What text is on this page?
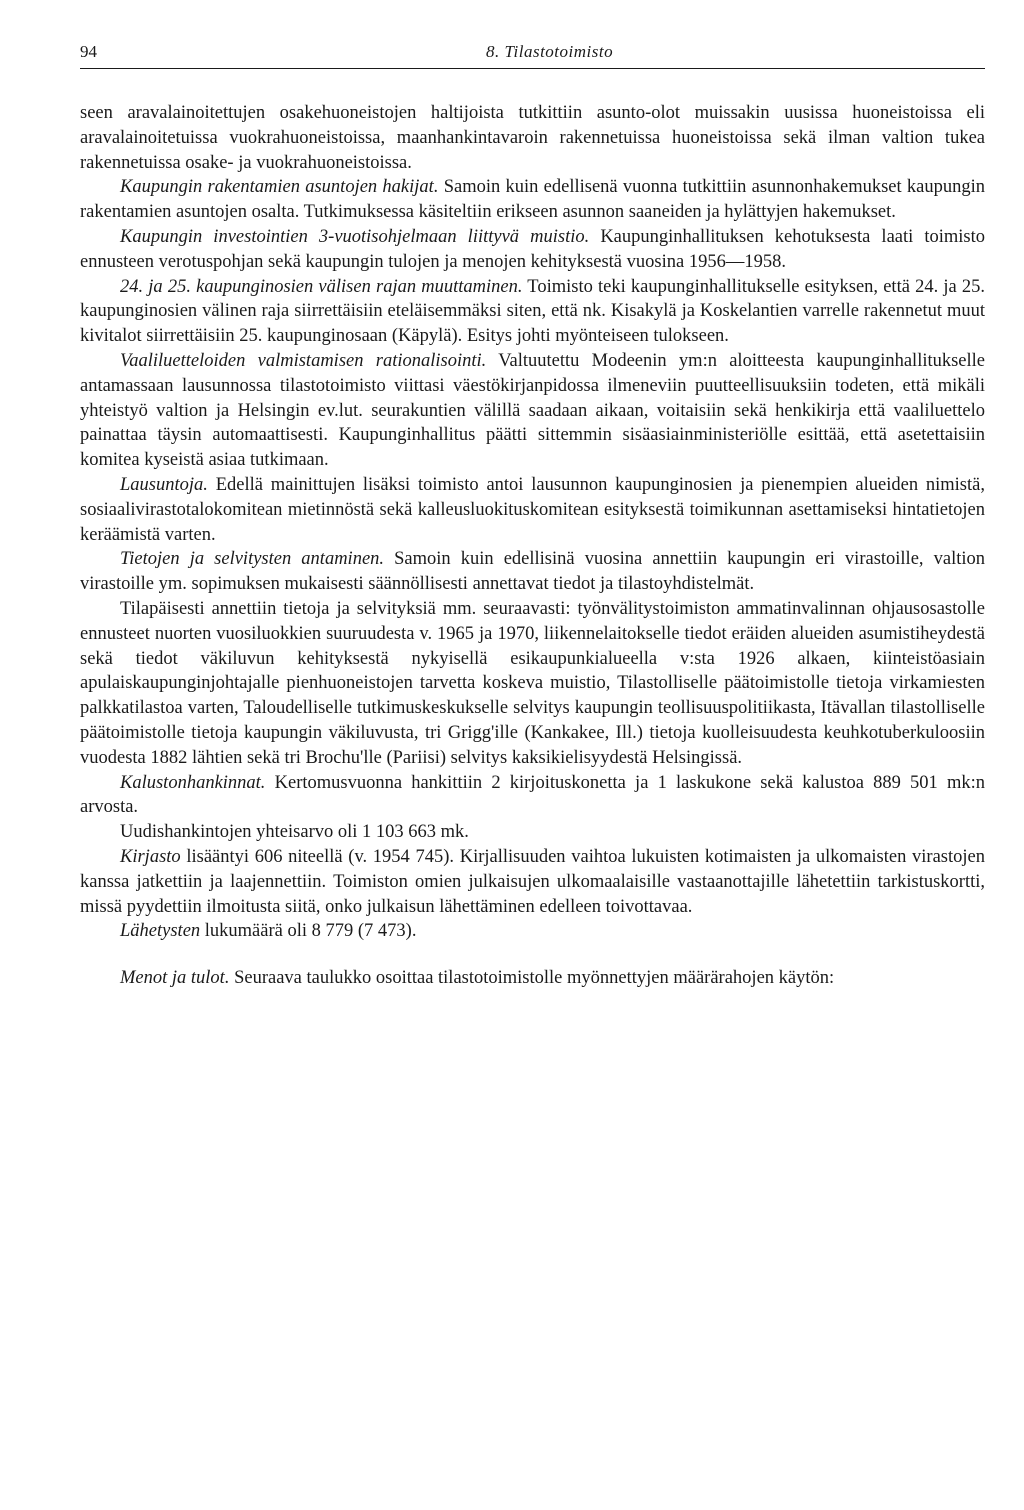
94	8. Tilastotoimisto

seen aravalainoitettujen osakehuoneistojen haltijoista tutkittiin asunto-olot muissakin uusissa huoneistoissa eli aravalainoitetuissa vuokrahuoneistoissa, maanhankintavaroin rakennetuissa huoneistoissa sekä ilman valtion tukea rakennetuissa osake- ja vuokrahuoneistoissa.

Kaupungin rakentamien asuntojen hakijat. Samoin kuin edellisenä vuonna tutkittiin asunnonhakemukset kaupungin rakentamien asuntojen osalta. Tutkimuksessa käsiteltiin erikseen asunnon saaneiden ja hylättyjen hakemukset.

Kaupungin investointien 3-vuotisohjelmaan liittyvä muistio. Kaupunginhallituksen kehotuksesta laati toimisto ennusteen verotuspohjan sekä kaupungin tulojen ja menojen kehityksestä vuosina 1956—1958.

24. ja 25. kaupunginosien välisen rajan muuttaminen. Toimisto teki kaupunginhallitukselle esityksen, että 24. ja 25. kaupunginosien välinen raja siirrettäisiin eteläisemmäksi siten, että nk. Kisakylä ja Koskelantien varrelle rakennetut muut kivitalot siirrettäisiin 25. kaupunginosaan (Käpylä). Esitys johti myönteiseen tulokseen.

Vaaliluetteloiden valmistamisen rationalisointi. Valtuutettu Modeenin ym:n aloitteesta kaupunginhallitukselle antamassaan lausunnossa tilastotoimisto viittasi väestökirjanpidossa ilmeneviin puutteellisuuksiin todeten, että mikäli yhteistyö valtion ja Helsingin ev.lut. seurakuntien välillä saadaan aikaan, voitaisiin sekä henkikirja että vaaliluettelo painattaa täysin automaattisesti. Kaupunginhallitus päätti sittemmin sisäasiainministeriölle esittää, että asetettaisiin komitea kyseistä asiaa tutkimaan.

Lausuntoja. Edellä mainittujen lisäksi toimisto antoi lausunnon kaupunginosien ja pienempien alueiden nimistä, sosiaalivirastotalokomitean mietinnöstä sekä kalleusluokituskomitean esityksestä toimikunnan asettamiseksi hintatietojen keräämistä varten.

Tietojen ja selvitysten antaminen. Samoin kuin edellisinä vuosina annettiin kaupungin eri virastoille, valtion virastoille ym. sopimuksen mukaisesti säännöllisesti annettavat tiedot ja tilastoyhdistelmät.

Tilapäisesti annettiin tietoja ja selvityksiä mm. seuraavasti: työnvälitystoimiston ammatinvalinnan ohjausosastolle ennusteet nuorten vuosiluokkien suuruudesta v. 1965 ja 1970, liikennelaitokselle tiedot eräiden alueiden asumistiheydestä sekä tiedot väkiluvun kehityksestä nykyisellä esikaupunkialueella v:sta 1926 alkaen, kiinteistöasiain apulaiskaupunginjohtajalle pienhuoneistojen tarvetta koskeva muistio, Tilastolliselle päätoimistolle tietoja virkamiesten palkkatilastoa varten, Taloudelliselle tutkimuskeskukselle selvitys kaupungin teollisuuspolitiikasta, Itävallan tilastolliselle päätoimistolle tietoja kaupungin väkiluvusta, tri Grigg'ille (Kankakee, Ill.) tietoja kuolleisuudesta keuhkotuberkuloosiin vuodesta 1882 lähtien sekä tri Brochu'lle (Pariisi) selvitys kaksikielisyydestä Helsingissä.

Kalustonhankinnat. Kertomusvuonna hankittiin 2 kirjoituskonetta ja 1 laskukone sekä kalustoa 889 501 mk:n arvosta.

Uudishankintojen yhteisarvo oli 1 103 663 mk.

Kirjasto lisääntyi 606 niteellä (v. 1954 745). Kirjallisuuden vaihtoa lukuisten kotimaisten ja ulkomaisten virastojen kanssa jatkettiin ja laajennettiin. Toimiston omien julkaisujen ulkomaalaisille vastaanottajille lähetettiin tarkistuskortti, missä pyydettiin ilmoitusta siitä, onko julkaisun lähettäminen edelleen toivottavaa.

Lähetysten lukumäärä oli 8 779 (7 473).

Menot ja tulot. Seuraava taulukko osoittaa tilastotoimistolle myönnettyjen määrärahojen käytön:
